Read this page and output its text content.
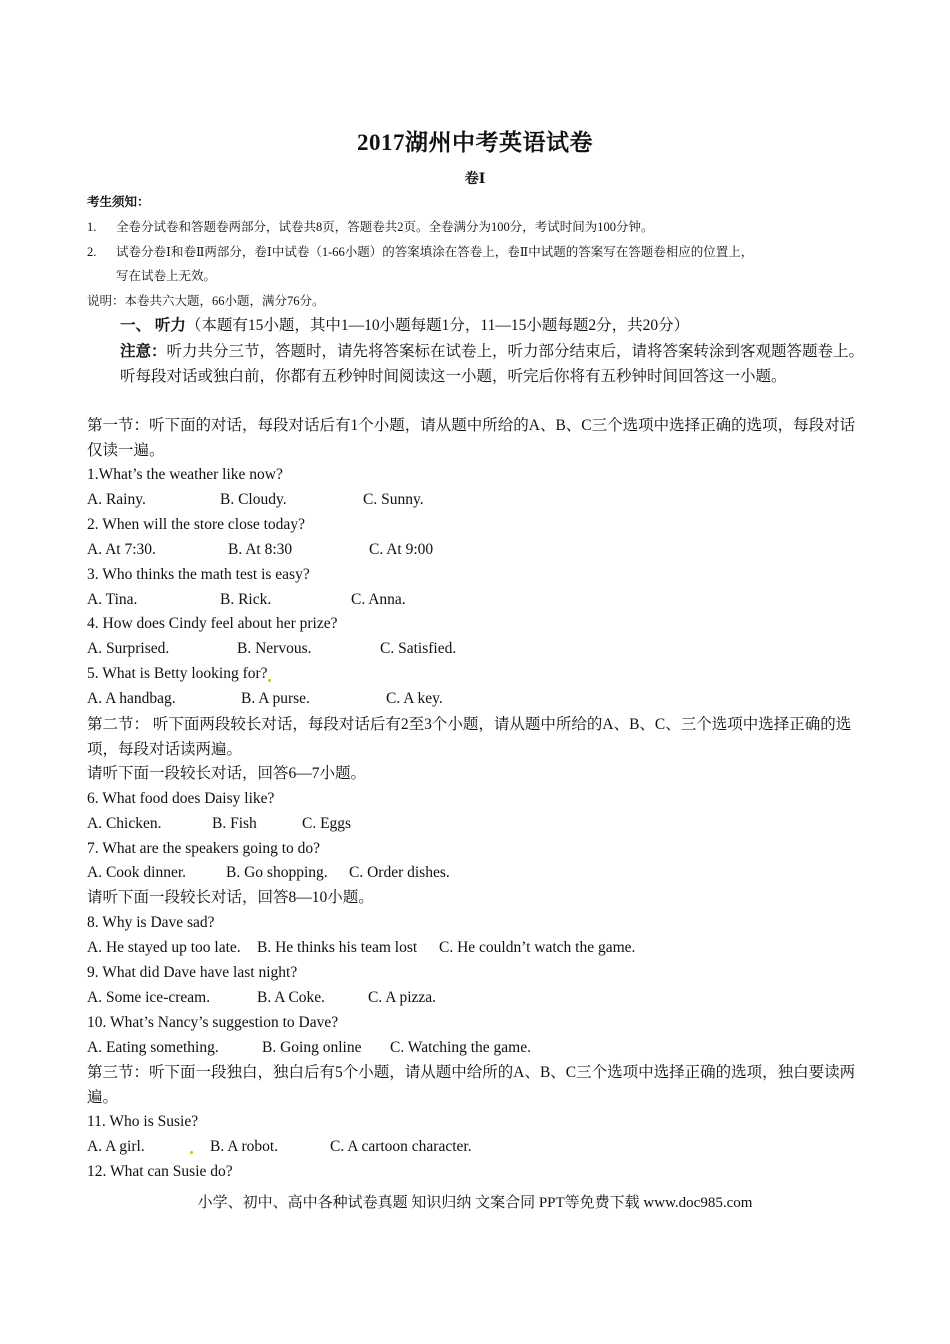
2017湖州中考英语试卷
卷Ⅰ
考生须知：
1. 全卷分试卷和答题卷两部分，试卷共8页，答题卷共2页。全卷满分为100分，考试时间为100分钟。
2. 试卷分卷Ⅰ和卷Ⅱ两部分，卷Ⅰ中试卷（1-66小题）的答案填涂在答卷上，卷Ⅱ中试题的答案写在答题卷相应的位置上，
写在试卷上无效。
说明：本卷共六大题，66小题，满分76分。
一、 听力（本题有15小题，其中1—10小题每题1分，11—15小题每题2分，共20分）
注意：听力共分三节，答题时，请先将答案标在试卷上，听力部分结束后，请将答案转涂到客观题答题卷上。听每段对话或独白前，你都有五秒钟时间阅读这一小题，听完后你将有五秒钟时间回答这一小题。
第一节：听下面的对话，每段对话后有1个小题，请从题中所给的A、B、C三个选项中选择正确的选项，每段对话仅读一遍。
1.What’s the weather like now?
A. Rainy.	B. Cloudy.	C. Sunny.
2. When will the store close today?
A. At 7:30.	B. At 8:30	C. At 9:00
3. Who thinks the math test is easy?
A. Tina.	B. Rick.	C. Anna.
4. How does Cindy feel about her prize?
A. Surprised.	B. Nervous.	C. Satisfied.
5. What is Betty looking for?
A. A handbag.	B. A purse.	C. A key.
第二节： 听下面两段较长对话，每段对话后有2至3个小题，请从题中所给的A、B、C、三个选项中选择正确的选项，每段对话读两遍。
请听下面一段较长对话，回答6—7小题。
6. What food does Daisy like?
A. Chicken.	B. Fish	C. Eggs
7. What are the speakers going to do?
A. Cook dinner.	B. Go shopping. C. Order dishes.
请听下面一段较长对话，回答8—10小题。
8. Why is Dave sad?
A. He stayed up too late. B. He thinks his team lost C. He couldn’t watch the game.
9. What did Dave have last night?
A. Some ice-cream.	B. A Coke.	C. A pizza.
10. What’s Nancy’s suggestion to Dave?
A. Eating something.	B. Going online C. Watching the game.
第三节：听下面一段独白，独白后有5个小题，请从题中给所的A、B、C三个选项中选择正确的选项，独白要读两遍。
11. Who is Susie?
A. A girl.	B. A robot.	C. A cartoon character.
12. What can Susie do?
小学、初中、高中各种试卷真题 知识归纳 文案合同 PPT等免费下载 www.doc985.com
